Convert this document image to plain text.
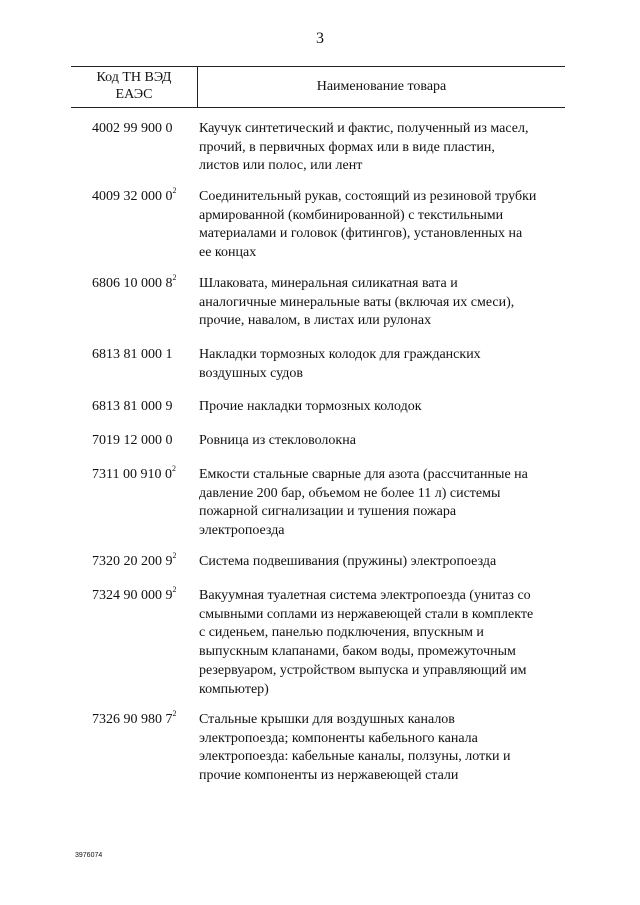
3
Код ТН ВЭД
ЕАЭС
Наименование товара
4002 99 900 0 Каучук синтетический и фактис, полученный из масел,
прочий, в первичных формах или в виде пластин,
листов или полос, или лент
4009 32 000 $0^2$ Соединительный рукав, состоящий из резиновой трубки
армированной (комбинированной) с текстильными
материалами и головок (фитингов), установленных на
ее концах
6806 10 000 $8^2$ Шлаковата, минеральная силикатная вата и
аналогичные минеральные ваты (включая их смеси),
прочие, навалом, в листах или рулонах
6813 81 000 1 Накладки тормозных колодок для гражданских
воздушных судов
6813 81 000 9 Прочие накладки тормозных колодок
7019 12 000 0 Ровница из стекловолокна
7311 00 910 $0^2$ Емкости стальные сварные для азота (рассчитанные на
давление 200 бар, объемом не более 11 л) системы
пожарной сигнализации и тушения пожара
электропоезда
7320 20 200 $9^2$ Система подвешивания (пружины) электропоезда
7324 90 000 $9^2$ Вакуумная туалетная система электропоезда (унитаз со
смывными соплами из нержавеющей стали в комплекте
с сиденьем, панелью подключения, впускным и
выпускным клапанами, баком воды, промежуточным
резервуаром, устройством выпуска и управляющий им
компьютер)
7326 90 980 $7^2$ Стальные крышки для воздушных каналов
электропоезда; компоненты кабельного канала
электропоезда: кабельные каналы, ползуны, лотки и
прочие компоненты из нержавеющей стали
3976074
